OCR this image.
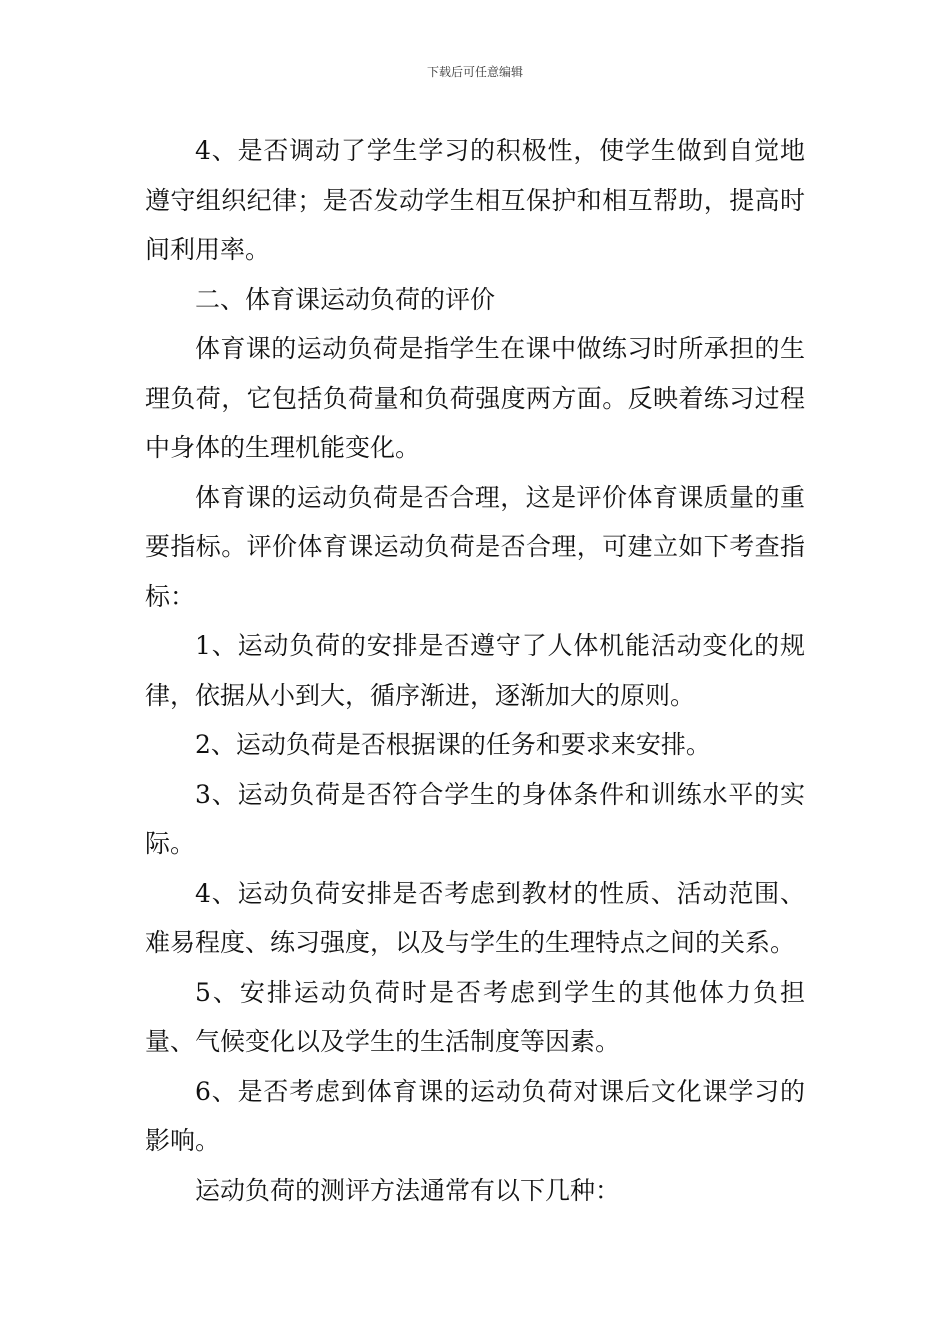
下载后可任意编辑

4、是否调动了学生学习的积极性，使学生做到自觉地遵守组织纪律；是否发动学生相互保护和相互帮助，提高时间利用率。

二、体育课运动负荷的评价

体育课的运动负荷是指学生在课中做练习时所承担的生理负荷，它包括负荷量和负荷强度两方面。反映着练习过程中身体的生理机能变化。

体育课的运动负荷是否合理，这是评价体育课质量的重要指标。评价体育课运动负荷是否合理，可建立如下考查指标：

1、运动负荷的安排是否遵守了人体机能活动变化的规律，依据从小到大，循序渐进，逐渐加大的原则。

2、运动负荷是否根据课的任务和要求来安排。

3、运动负荷是否符合学生的身体条件和训练水平的实际。

4、运动负荷安排是否考虑到教材的性质、活动范围、难易程度、练习强度，以及与学生的生理特点之间的关系。

5、安排运动负荷时是否考虑到学生的其他体力负担量、气候变化以及学生的生活制度等因素。

6、是否考虑到体育课的运动负荷对课后文化课学习的影响。

运动负荷的测评方法通常有以下几种：
